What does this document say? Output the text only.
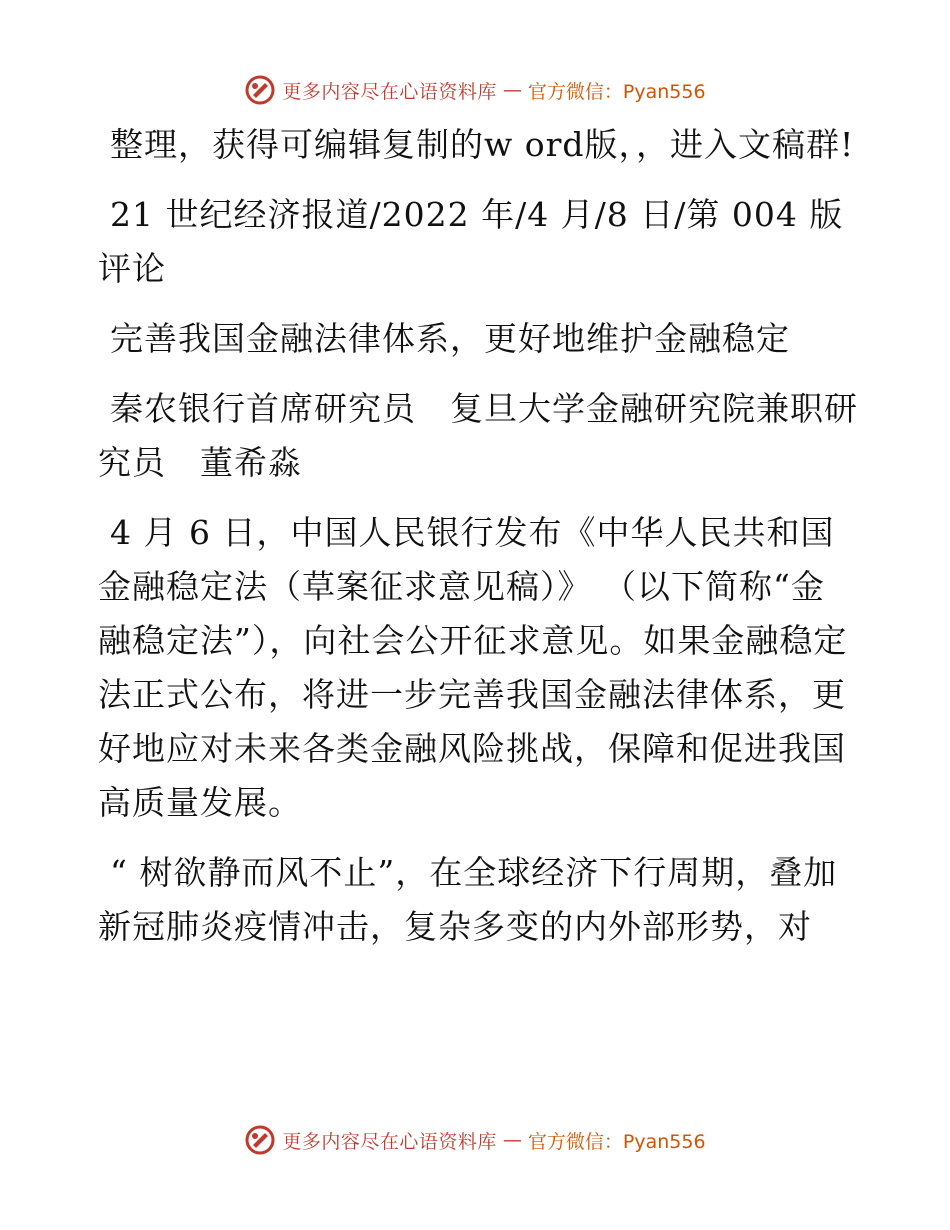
更多内容尽在心语资料库 — 官方微信：Pyan556

整理，获得可编辑复制的w ord版，，进入文稿群!

21 世纪经济报道/2022 年/4 月/8 日/第 004 版评论

完善我国金融法律体系，更好地维护金融稳定

秦农银行首席研究员　复旦大学金融研究院兼职研究员　董希淼

4 月 6 日，中国人民银行发布《中华人民共和国金融稳定法（草案征求意见稿）》 （以下简称“金融稳定法”），向社会公开征求意见。如果金融稳定法正式公布，将进一步完善我国金融法律体系，更好地应对未来各类金融风险挑战，保障和促进我国高质量发展。

“ 树欲静而风不止”，在全球经济下行周期，叠加新冠肺炎疫情冲击，复杂多变的内外部形势，对

更多内容尽在心语资料库 — 官方微信：Pyan556
